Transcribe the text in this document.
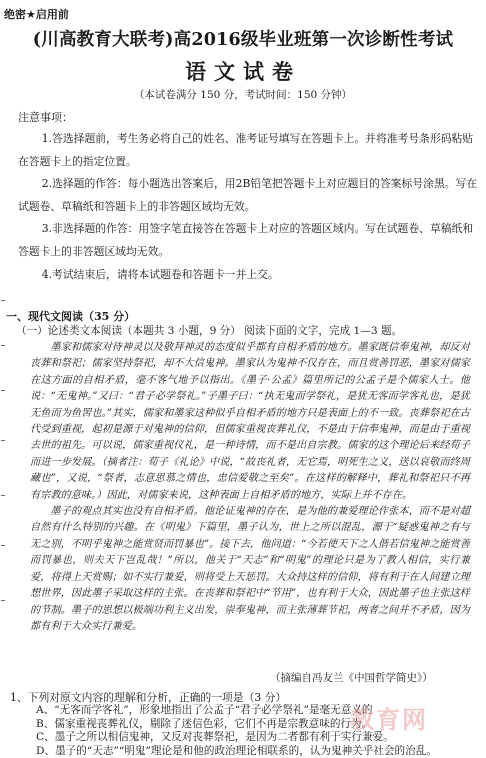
绝密★启用前
(川高教育大联考)高2016级毕业班第一次诊断性考试
语文试卷
（本试卷满分 150 分，考试时间：150 分钟）
注意事项：

1.答选择题前，考生务必将自己的姓名、准考证号填写在答题卡上。并将准考号条形码粘贴在答题卡上的指定位置。

2.选择题的作答：每小题选出答案后，用2B铅笔把答题卡上对应题目的答案标号涂黑。写在试题卷、草稿纸和答题卡上的非答题区域均无效。

3.非选择题的作答：用签字笔直接答在答题卡上对应的答题区域内。写在试题卷、草稿纸和答题卡上的非答题区域均无效。

4.考试结束后，请将本试题卷和答题卡一并上交。

一、现代文阅读（35 分）
（一）论述类文本阅读（本题共 3 小题，9 分） 阅读下面的文字，完成 1—3 题。

墨家和儒家对待神灵以及敬拜神灵的态度似乎都有自相矛盾的地方。墨家既信奉鬼神，却反对丧葬和祭祀；儒家坚持祭祀，却不大信鬼神。墨家认为鬼神不仅存在，而且赏善罚恶，墨家对儒家在这方面的自相矛盾，毫不客气地予以指出。《墨子·公孟》篇里所记的公孟子是个儒家人士。他说：“无鬼神。”又曰：“君子必学祭礼。”子墨子曰：“执无鬼而学祭礼，是犹无客而学客礼也，是犹无鱼而为鱼罟也。”其实，儒家和墨家这种似乎自相矛盾的地方只是表面上的不一致。丧葬祭祀在古代受到重视，起初是源于对鬼神的信仰，但儒家重视丧葬礼仪，不是由于信奉鬼神，而是由于重视去世的祖先。可以说，儒家重视仪礼，是一种诗情，而不是出自宗教。儒家的这个理论后来经荀子而进一步发展。（摘者注：荀子《礼论》中说，“故丧礼者，无它焉，明死生之义，送以哀敬而终周藏也”，又说，“祭者，志意思慕之情也，忠信爱敬之至矣”。在这样的解释中，葬礼和祭祀只不再有宗教的意味。）因此，对儒家来说，这种表面上自相矛盾的地方，实际上并不存在。

墨子的观点其实也没有自相矛盾。他论证鬼神的存在，是为他的兼爱理论作张本，而不是对超自然有什么特别的兴趣。在《明鬼》下篇里，墨子认为，世上之所以混乱，源于“疑惑鬼神之有与无之别，不明乎鬼神之能赏贤而罚暴也”。接下去，他问道：“今若使天下之人偕若信鬼神之能赏善而罚暴也，则夫天下岂乱哉！”所以，他关于“天志”和“明鬼”的理论只是为了教人相信，实行兼爱，将得上天赏赐；如不实行兼爱，则将受上天惩罚。大众持这样的信仰，将有利于在人间建立理想世界，因此墨子采取这样的主张。在丧葬和祭祀中“节用”，也有利于大众，因此墨子也主张这样的节制。墨子的思想以极端功利主义出发，崇奉鬼神，而主张薄葬节祀，两者之间并不矛盾，因为都有利于大众实行兼爱。

（摘编自冯友兰《中国哲学简史》）
1、下列对原文内容的理解和分析，正确的一项是（3 分）
A、“无客而学客礼”，形象地指出了公孟子“君子必学祭礼”是毫无意义的
B、儒家重视丧葬礼仪，剔除了迷信色彩，它们不再是宗教意味的行为。
C、墨子之所以相信鬼神，又反对丧葬祭祀，是因为二者都有利于实行兼爱。
D、墨子的“天志”“明鬼”理论是和他的政治理论相联系的，认为鬼神关乎社会的治乱。
教育网
